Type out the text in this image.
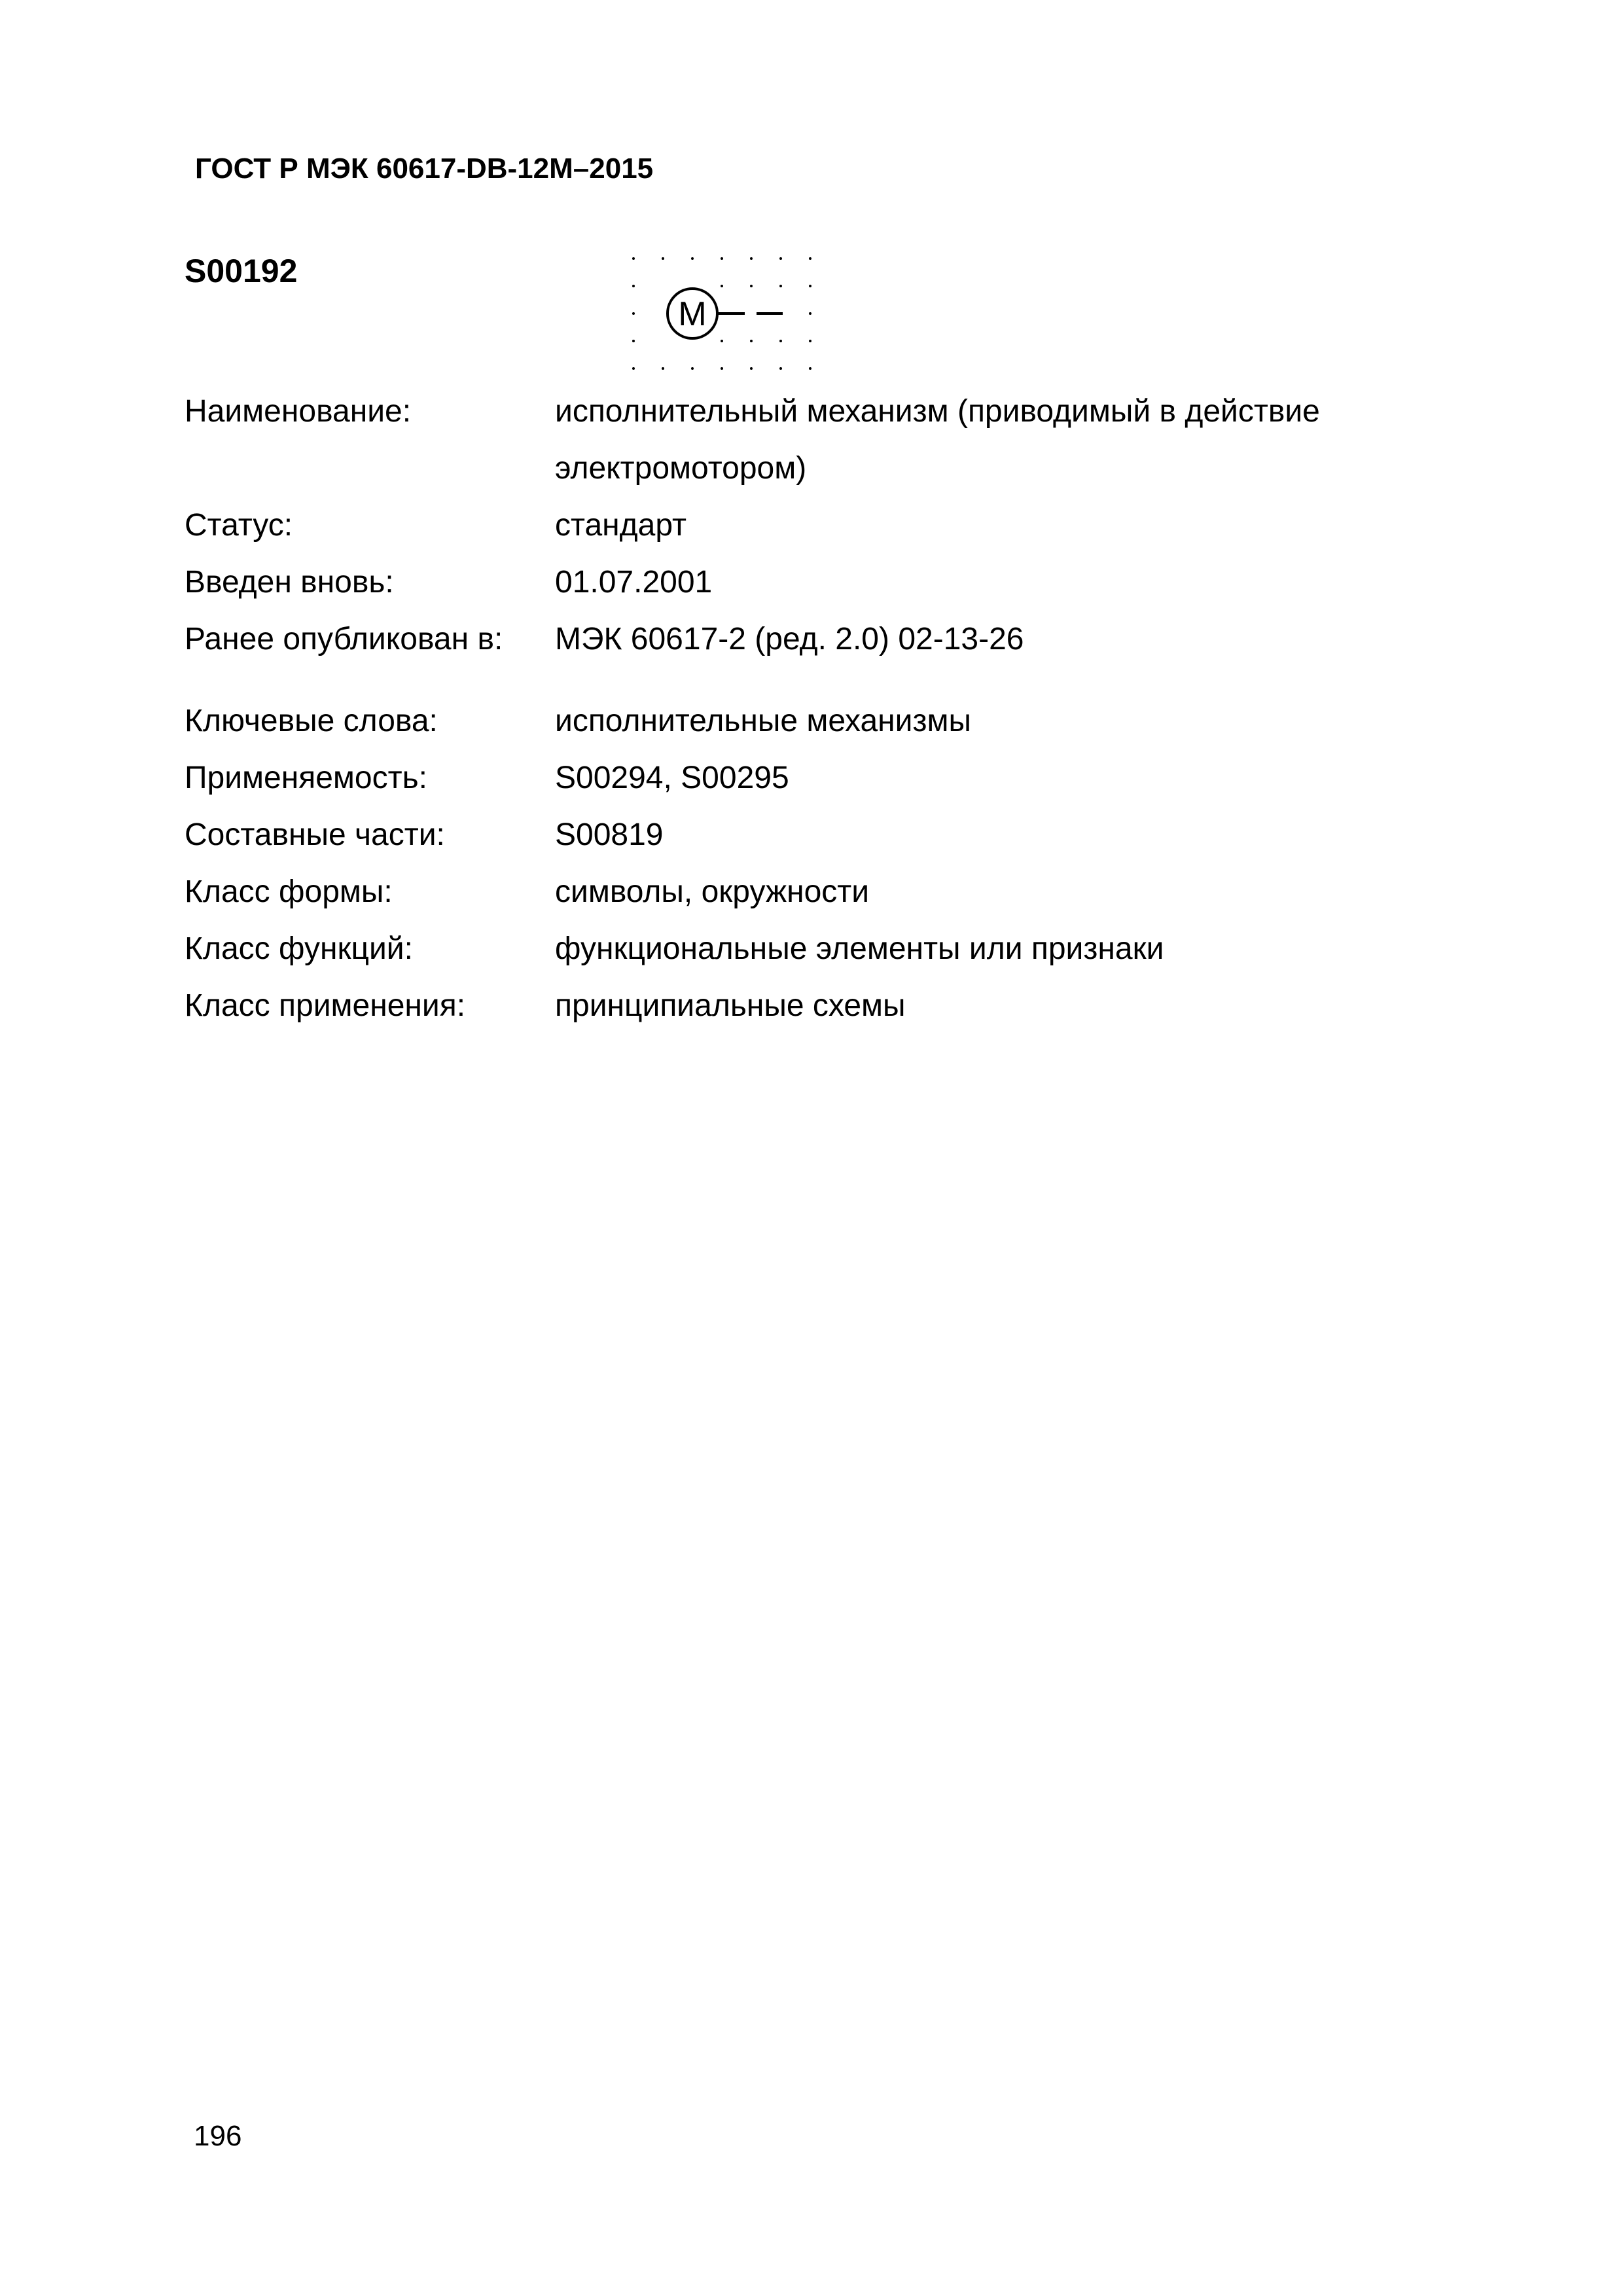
ГОСТ Р МЭК 60617-DB-12M–2015
S00192
M
Наименование:	исполнительный механизм (приводимый в действие
электромотором)
Статус:	стандарт
Введен вновь:	01.07.2001
Ранее опубликован в:	МЭК 60617-2 (ред. 2.0) 02-13-26
Ключевые слова:	исполнительные механизмы
Применяемость:	S00294, S00295
Составные части:	S00819
Класс формы:	символы, окружности
Класс функций:	функциональные элементы или признаки
Класс применения:	принципиальные схемы
196
